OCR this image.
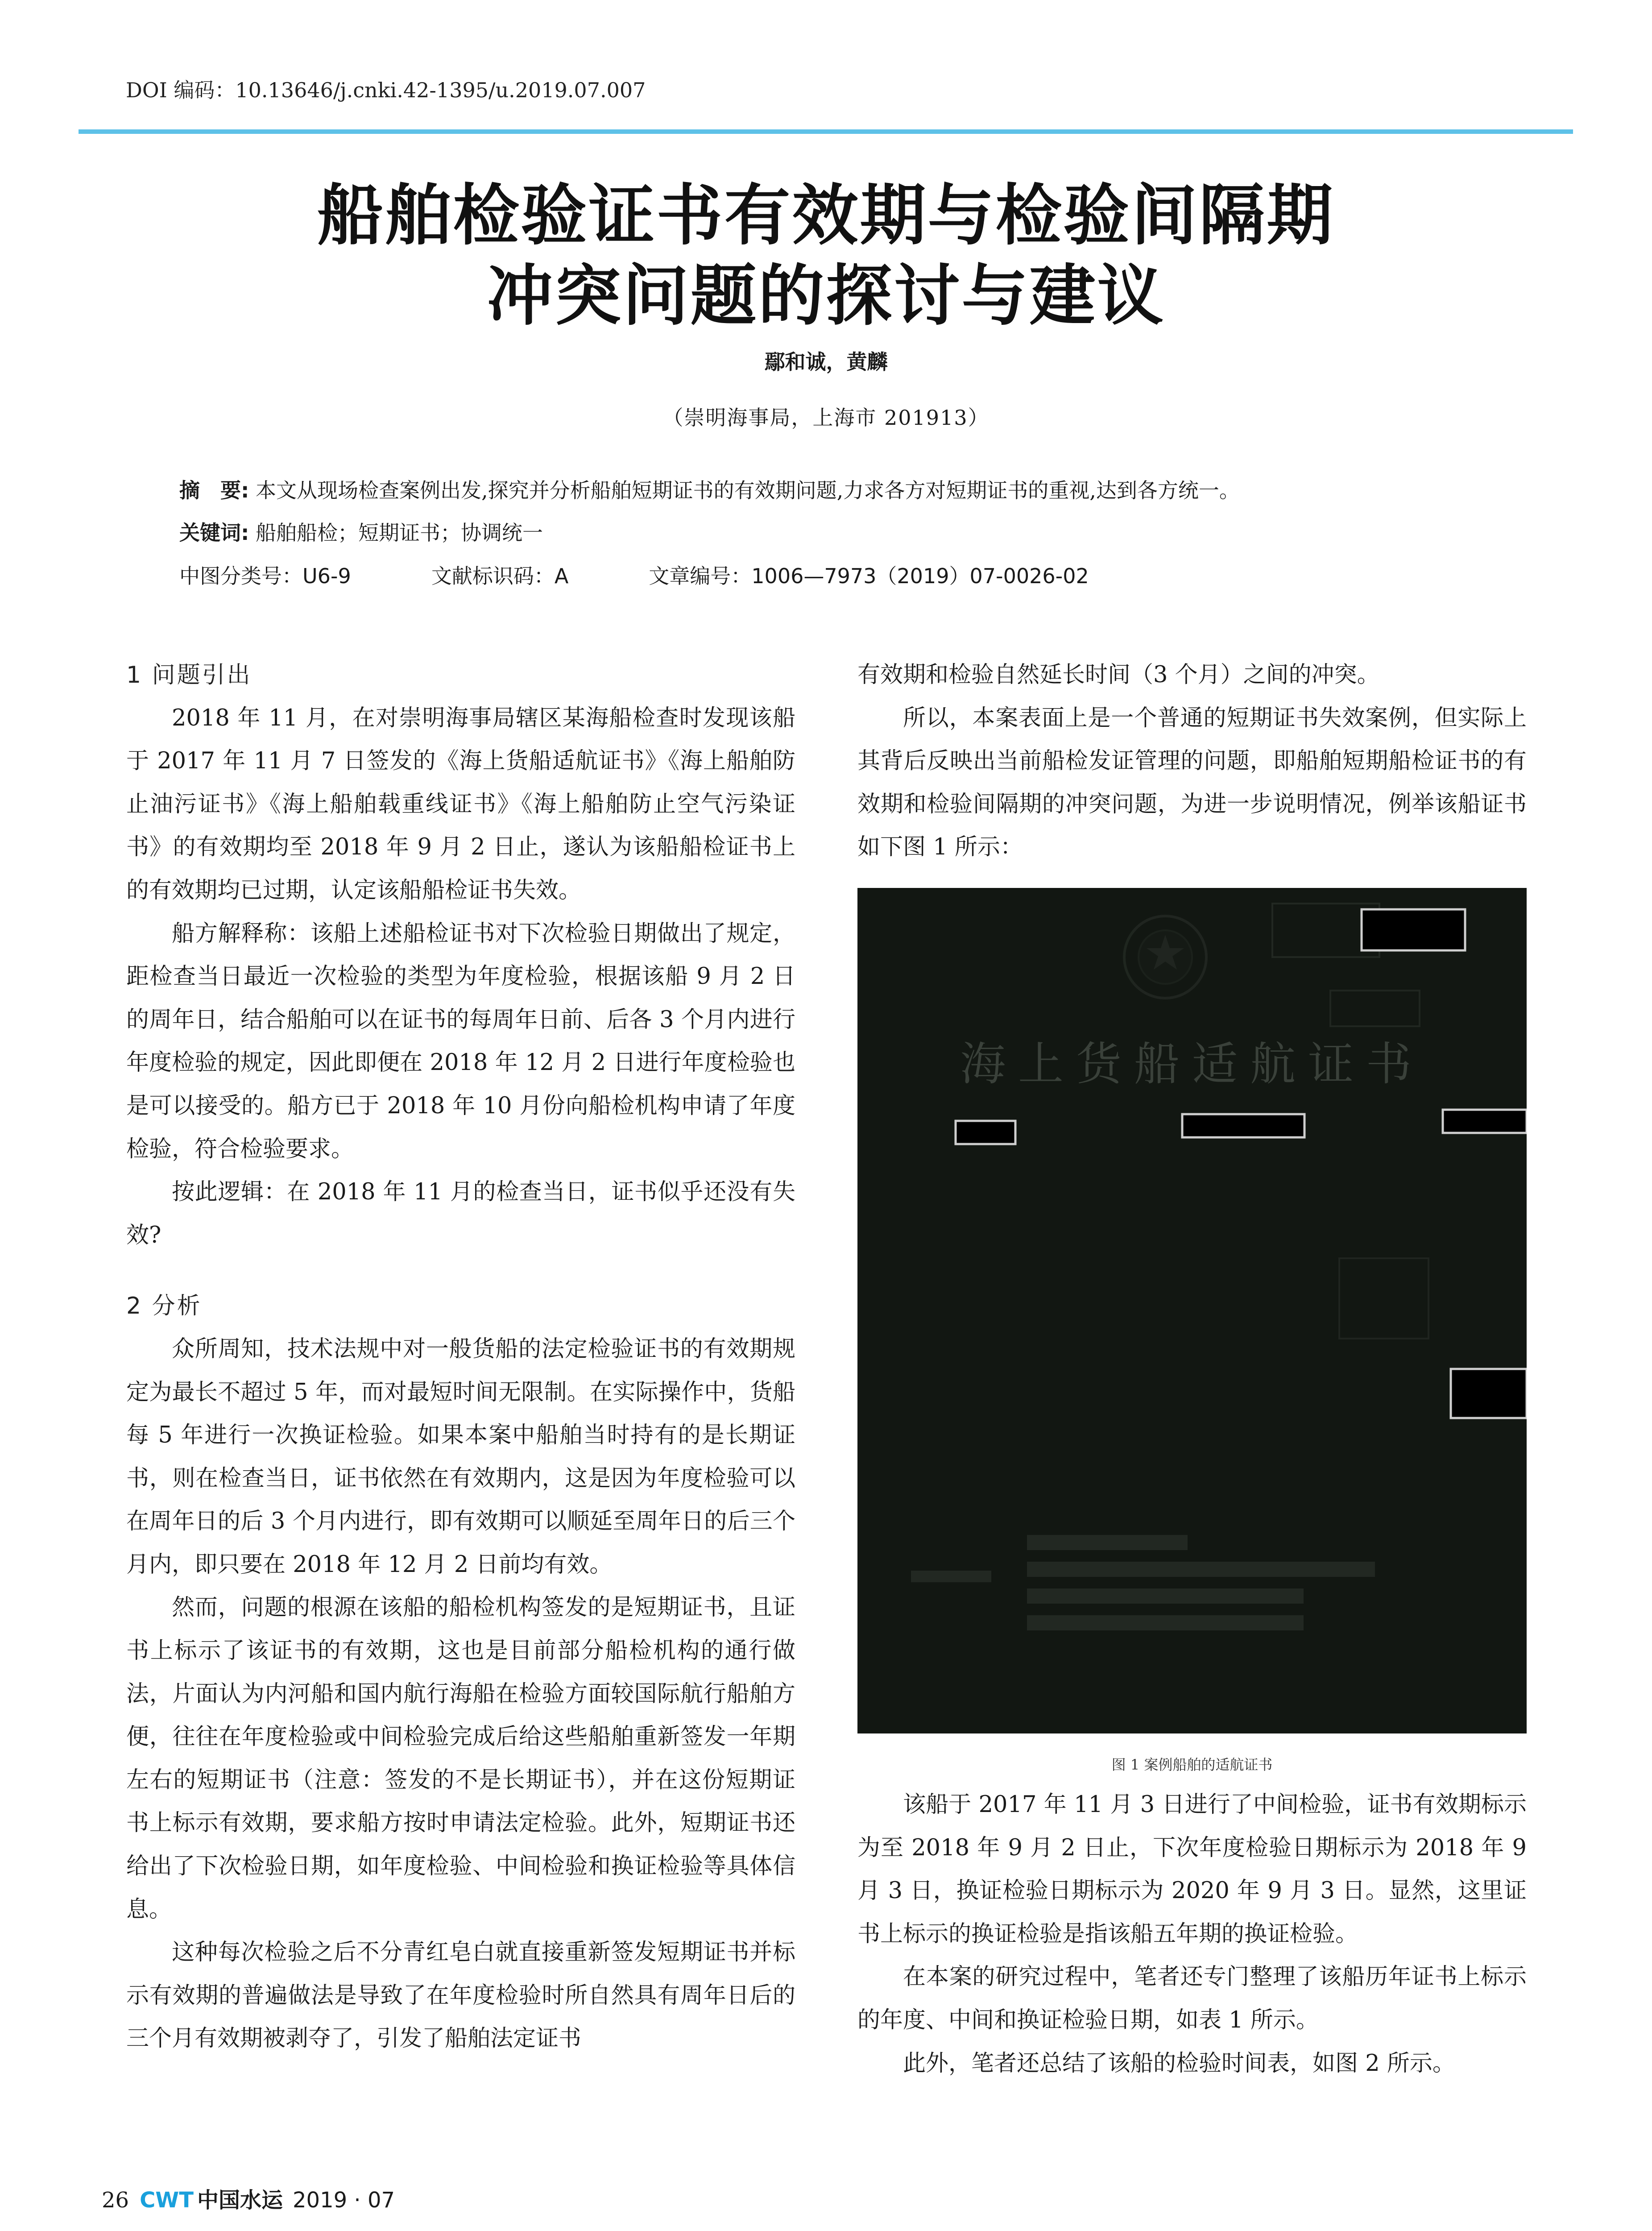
DOI 编码：10.13646/j.cnki.42-1395/u.2019.07.007
船舶检验证书有效期与检验间隔期
冲突问题的探讨与建议
鄢和诚，黄麟
（崇明海事局，上海市 201913）
摘　要: 本文从现场检查案例出发,探究并分析船舶短期证书的有效期问题,力求各方对短期证书的重视,达到各方统一。
关键词: 船舶船检；短期证书；协调统一
中图分类号：U6-9	文献标识码：A	文章编号：1006—7973（2019）07-0026-02
1 问题引出

2018 年 11 月，在对崇明海事局辖区某海船检查时发现该船于 2017 年 11 月 7 日签发的《海上货船适航证书》《海上船舶防止油污证书》《海上船舶载重线证书》《海上船舶防止空气污染证书》的有效期均至 2018 年 9 月 2 日止，遂认为该船船检证书上的有效期均已过期，认定该船船检证书失效。

船方解释称：该船上述船检证书对下次检验日期做出了规定，距检查当日最近一次检验的类型为年度检验，根据该船 9 月 2 日的周年日，结合船舶可以在证书的每周年日前、后各 3 个月内进行年度检验的规定，因此即便在 2018 年 12 月 2 日进行年度检验也是可以接受的。船方已于 2018 年 10 月份向船检机构申请了年度检验，符合检验要求。

按此逻辑：在 2018 年 11 月的检查当日，证书似乎还没有失效?

2 分析

众所周知，技术法规中对一般货船的法定检验证书的有效期规定为最长不超过 5 年，而对最短时间无限制。在实际操作中，货船每 5 年进行一次换证检验。如果本案中船舶当时持有的是长期证书，则在检查当日，证书依然在有效期内，这是因为年度检验可以在周年日的后 3 个月内进行，即有效期可以顺延至周年日的后三个月内，即只要在 2018 年 12 月 2 日前均有效。

然而，问题的根源在该船的船检机构签发的是短期证书，且证书上标示了该证书的有效期，这也是目前部分船检机构的通行做法，片面认为内河船和国内航行海船在检验方面较国际航行船舶方便，往往在年度检验或中间检验完成后给这些船舶重新签发一年期左右的短期证书（注意：签发的不是长期证书），并在这份短期证书上标示有效期，要求船方按时申请法定检验。此外，短期证书还给出了下次检验日期，如年度检验、中间检验和换证检验等具体信息。

这种每次检验之后不分青红皂白就直接重新签发短期证书并标示有效期的普遍做法是导致了在年度检验时所自然具有周年日后的三个月有效期被剥夺了，引发了船舶法定证书

有效期和检验自然延长时间（3 个月）之间的冲突。

所以，本案表面上是一个普通的短期证书失效案例，但实际上其背后反映出当前船检发证管理的问题，即船舶短期船检证书的有效期和检验间隔期的冲突问题，为进一步说明情况，例举该船证书如下图 1 所示：

海上货船适航证书
图 1 案例船舶的适航证书

该船于 2017 年 11 月 3 日进行了中间检验，证书有效期标示为至 2018 年 9 月 2 日止，下次年度检验日期标示为 2018 年 9 月 3 日，换证检验日期标示为 2020 年 9 月 3 日。显然，这里证书上标示的换证检验是指该船五年期的换证检验。

在本案的研究过程中，笔者还专门整理了该船历年证书上标示的年度、中间和换证检验日期，如表 1 所示。

此外，笔者还总结了该船的检验时间表，如图 2 所示。

26 CWT 中国水运 2019 · 07
